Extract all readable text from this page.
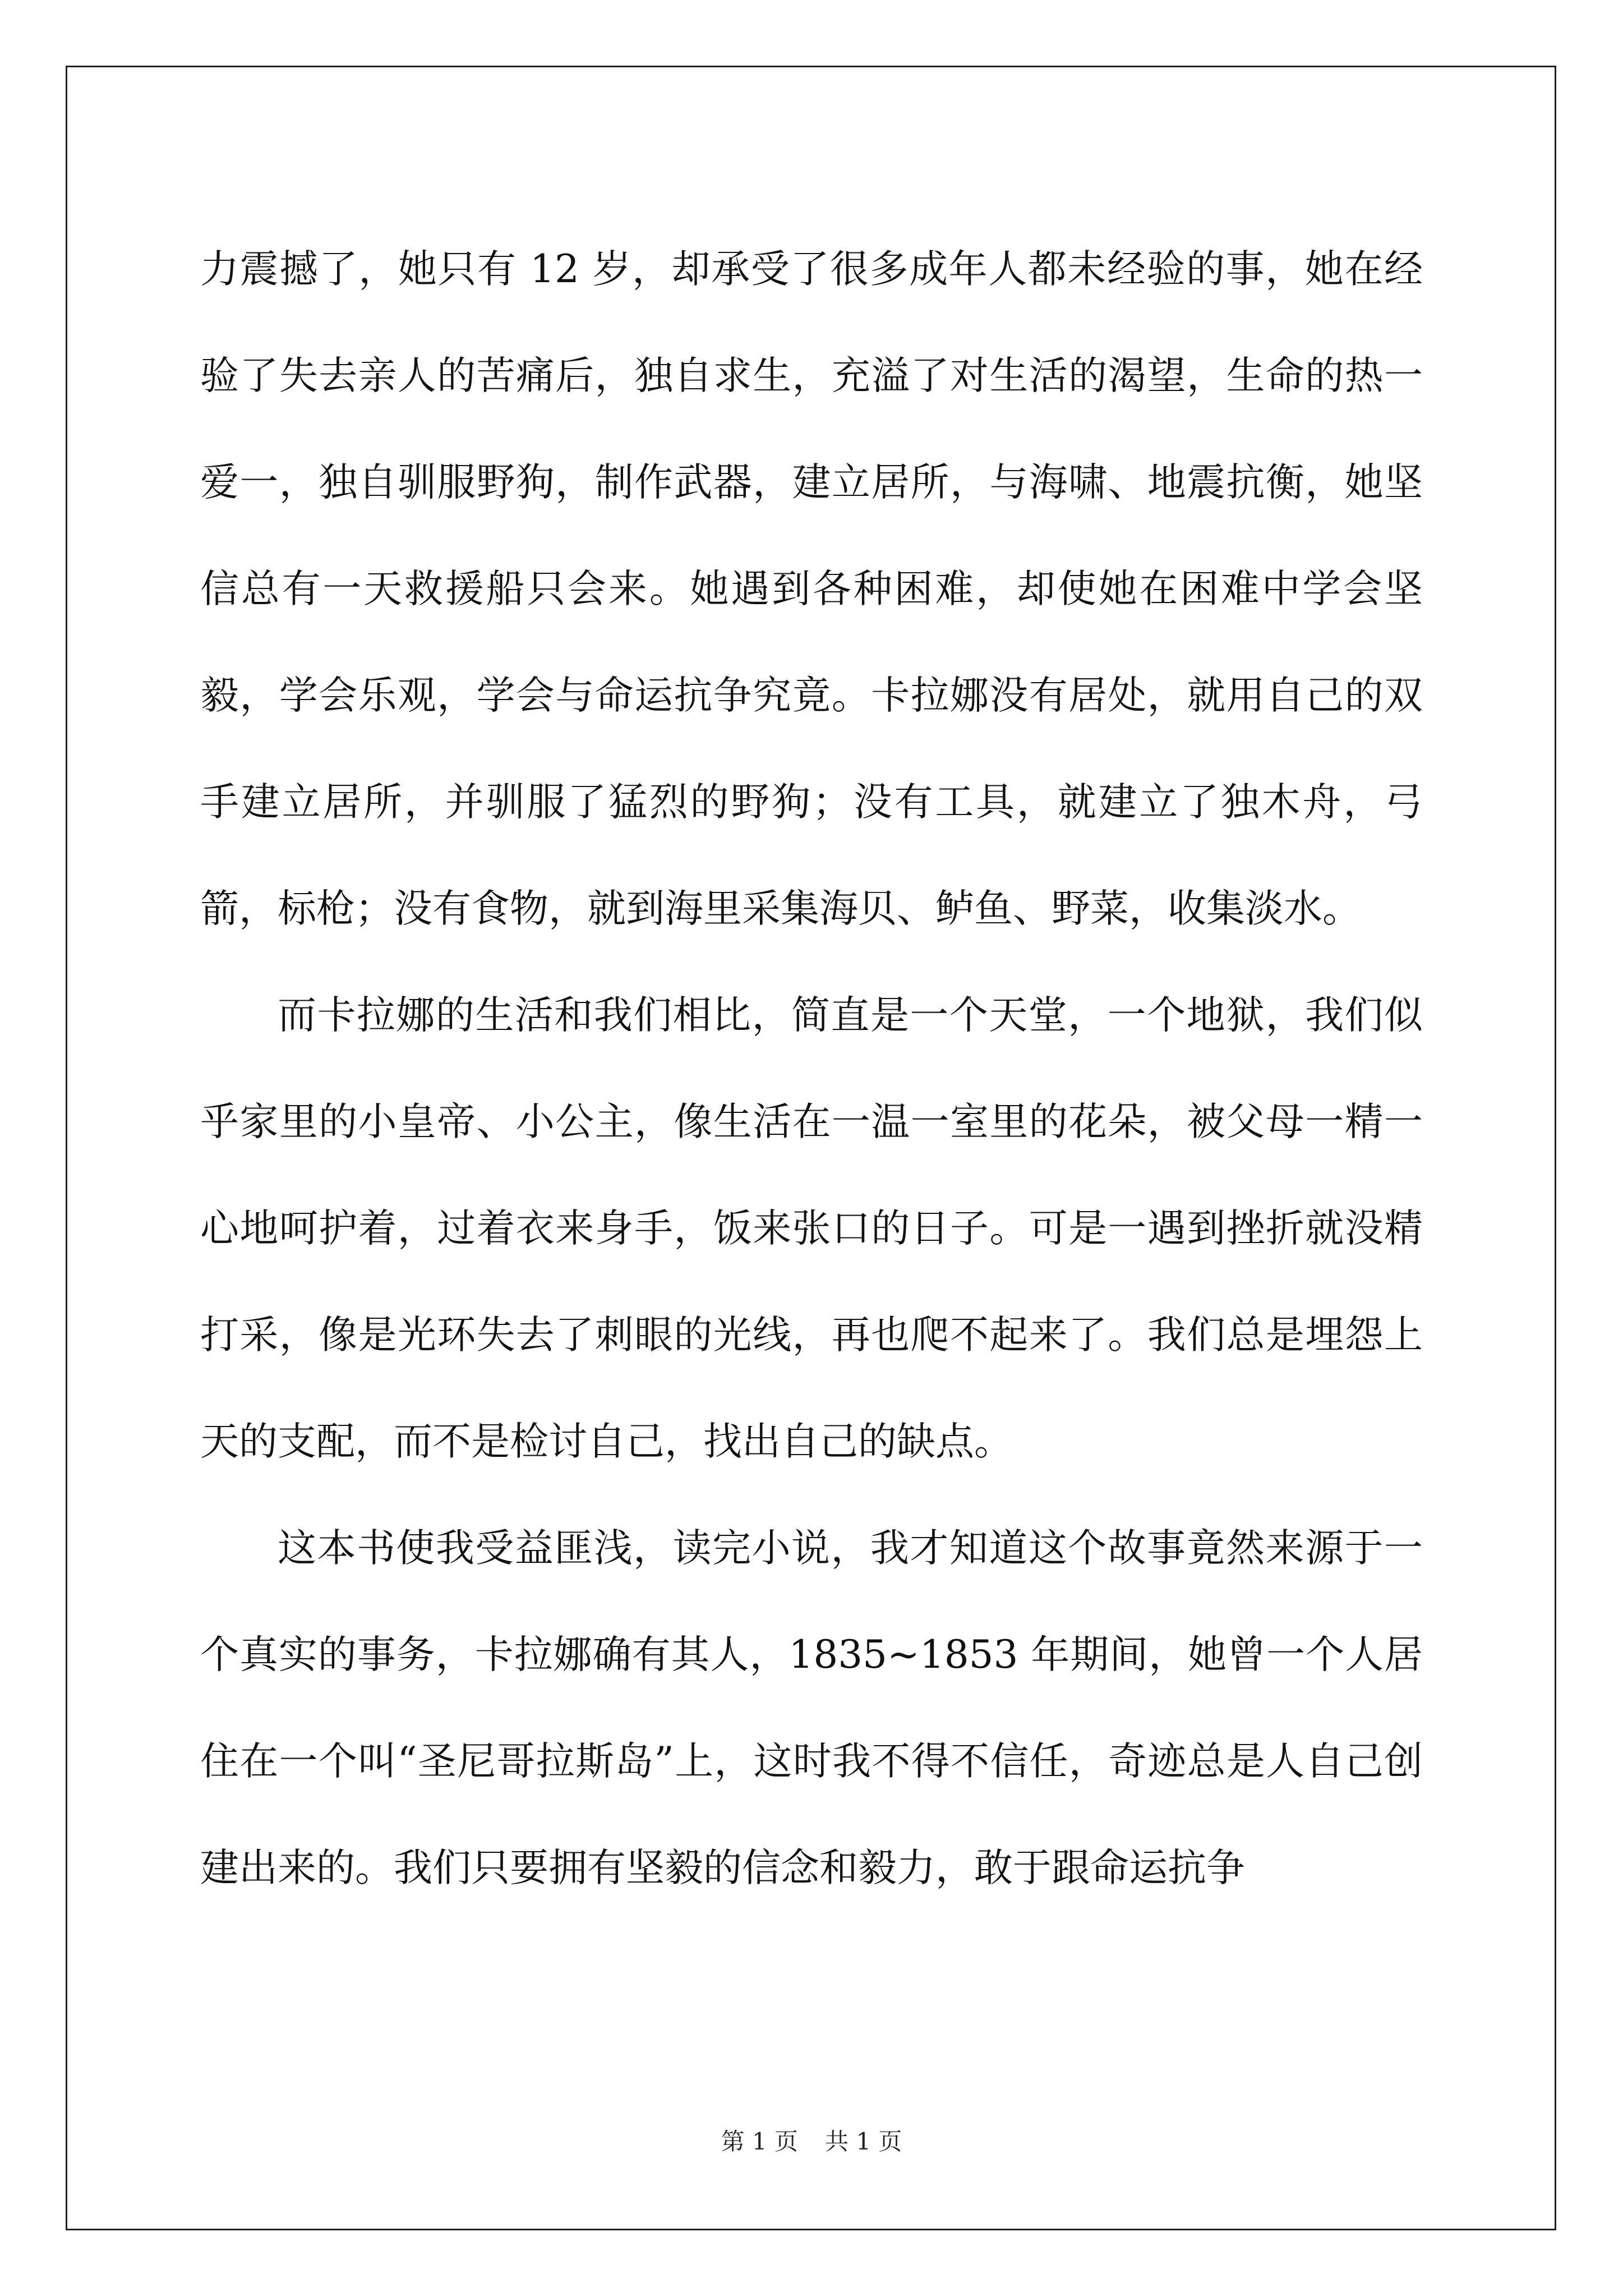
力震撼了，她只有 12 岁，却承受了很多成年人都未经验的事，她在经验了失去亲人的苦痛后，独自求生，充溢了对生活的渴望，生命的热一爱一，独自驯服野狗，制作武器，建立居所，与海啸、地震抗衡，她坚信总有一天救援船只会来。她遇到各种困难，却使她在困难中学会坚毅，学会乐观，学会与命运抗争究竟。卡拉娜没有居处，就用自己的双手建立居所，并驯服了猛烈的野狗；没有工具，就建立了独木舟，弓箭，标枪；没有食物，就到海里采集海贝、鲈鱼、野菜，收集淡水。

而卡拉娜的生活和我们相比，简直是一个天堂，一个地狱，我们似乎家里的小皇帝、小公主，像生活在一温一室里的花朵，被父母一精一心地呵护着，过着衣来身手，饭来张口的日子。可是一遇到挫折就没精打采，像是光环失去了刺眼的光线，再也爬不起来了。我们总是埋怨上天的支配，而不是检讨自己，找出自己的缺点。

这本书使我受益匪浅，读完小说，我才知道这个故事竟然来源于一个真实的事务，卡拉娜确有其人，1835~1853 年期间，她曾一个人居住在一个叫“圣尼哥拉斯岛”上，这时我不得不信任，奇迹总是人自己创建出来的。我们只要拥有坚毅的信念和毅力，敢于跟命运抗争

第 1 页 共 1 页
